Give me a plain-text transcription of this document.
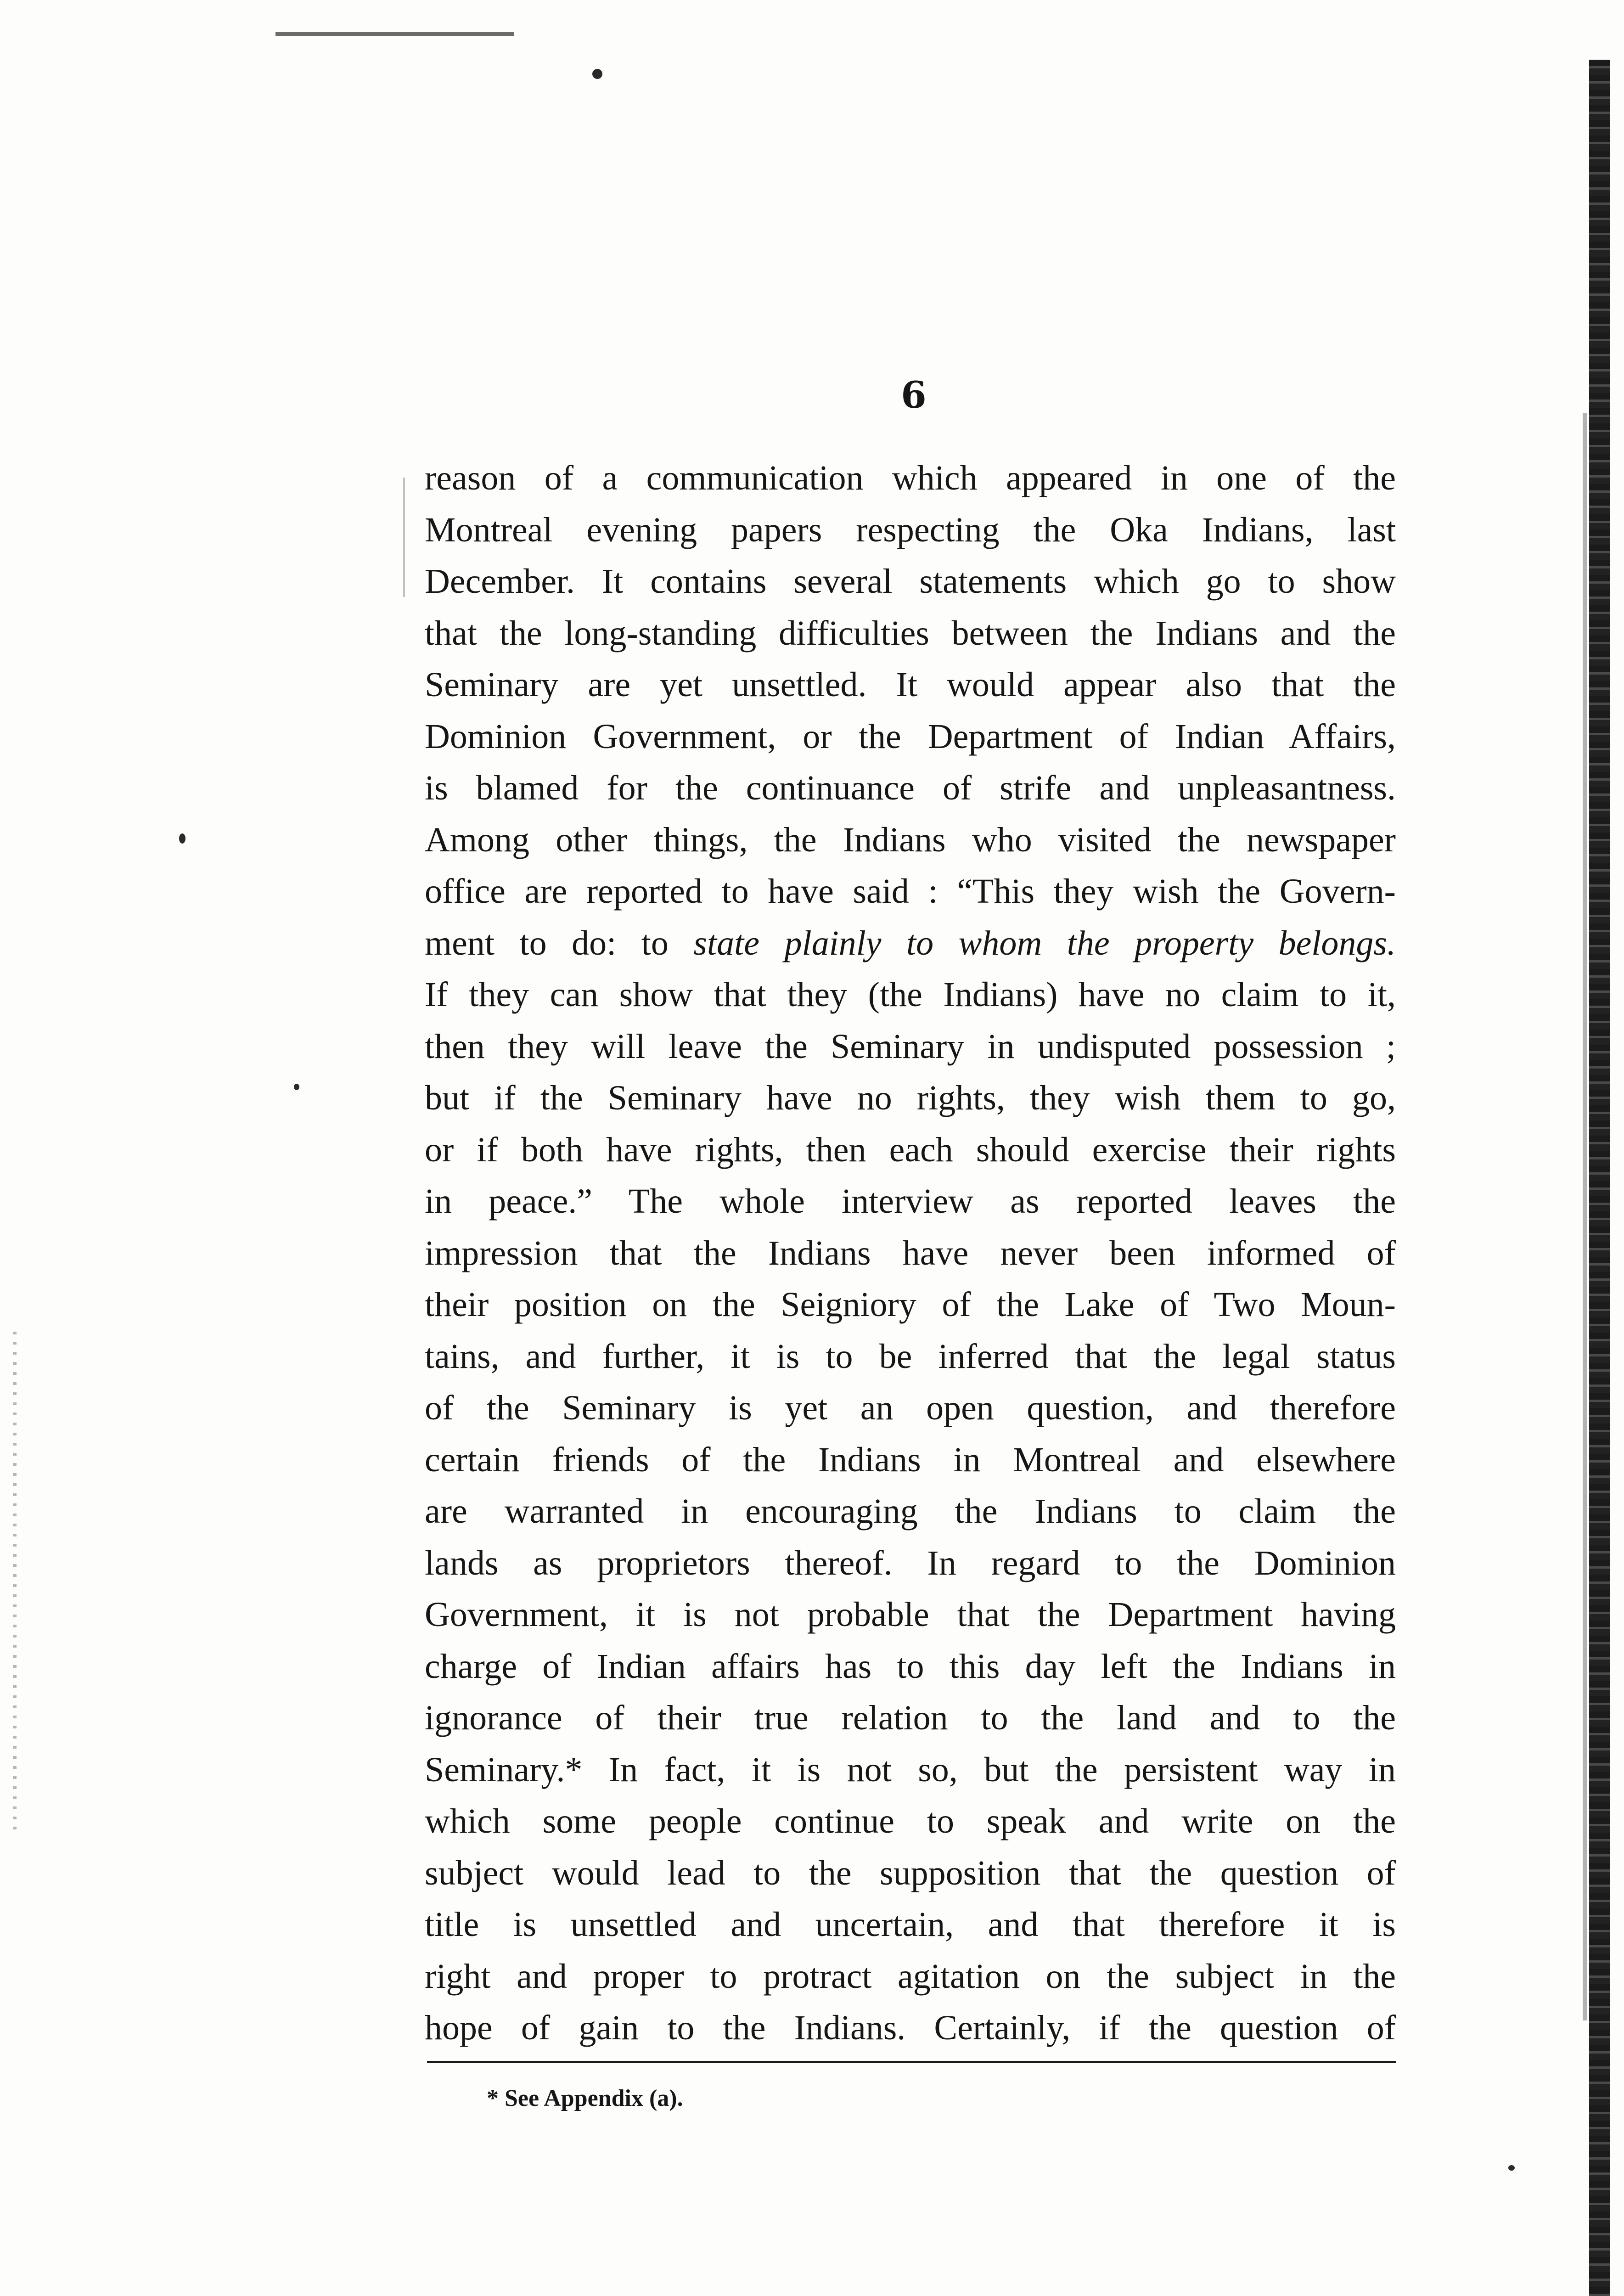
6
reason of a communication which appeared in one of the
Montreal evening papers respecting the Oka Indians, last
December. It contains several statements which go to show
that the long-standing difficulties between the Indians and the
Seminary are yet unsettled. It would appear also that the
Dominion Government, or the Department of Indian Affairs,
is blamed for the continuance of strife and unpleasantness.
Among other things, the Indians who visited the newspaper
office are reported to have said : “This they wish the Govern-
ment to do: to state plainly to whom the property belongs.
If they can show that they (the Indians) have no claim to it,
then they will leave the Seminary in undisputed possession ;
but if the Seminary have no rights, they wish them to go,
or if both have rights, then each should exercise their rights
in peace.” The whole interview as reported leaves the
impression that the Indians have never been informed of
their position on the Seigniory of the Lake of Two Moun-
tains, and further, it is to be inferred that the legal status
of the Seminary is yet an open question, and therefore
certain friends of the Indians in Montreal and elsewhere
are warranted in encouraging the Indians to claim the
lands as proprietors thereof. In regard to the Dominion
Government, it is not probable that the Department having
charge of Indian affairs has to this day left the Indians in
ignorance of their true relation to the land and to the
Seminary.* In fact, it is not so, but the persistent way in
which some people continue to speak and write on the
subject would lead to the supposition that the question of
title is unsettled and uncertain, and that therefore it is
right and proper to protract agitation on the subject in the
hope of gain to the Indians. Certainly, if the question of
* See Appendix (a).
